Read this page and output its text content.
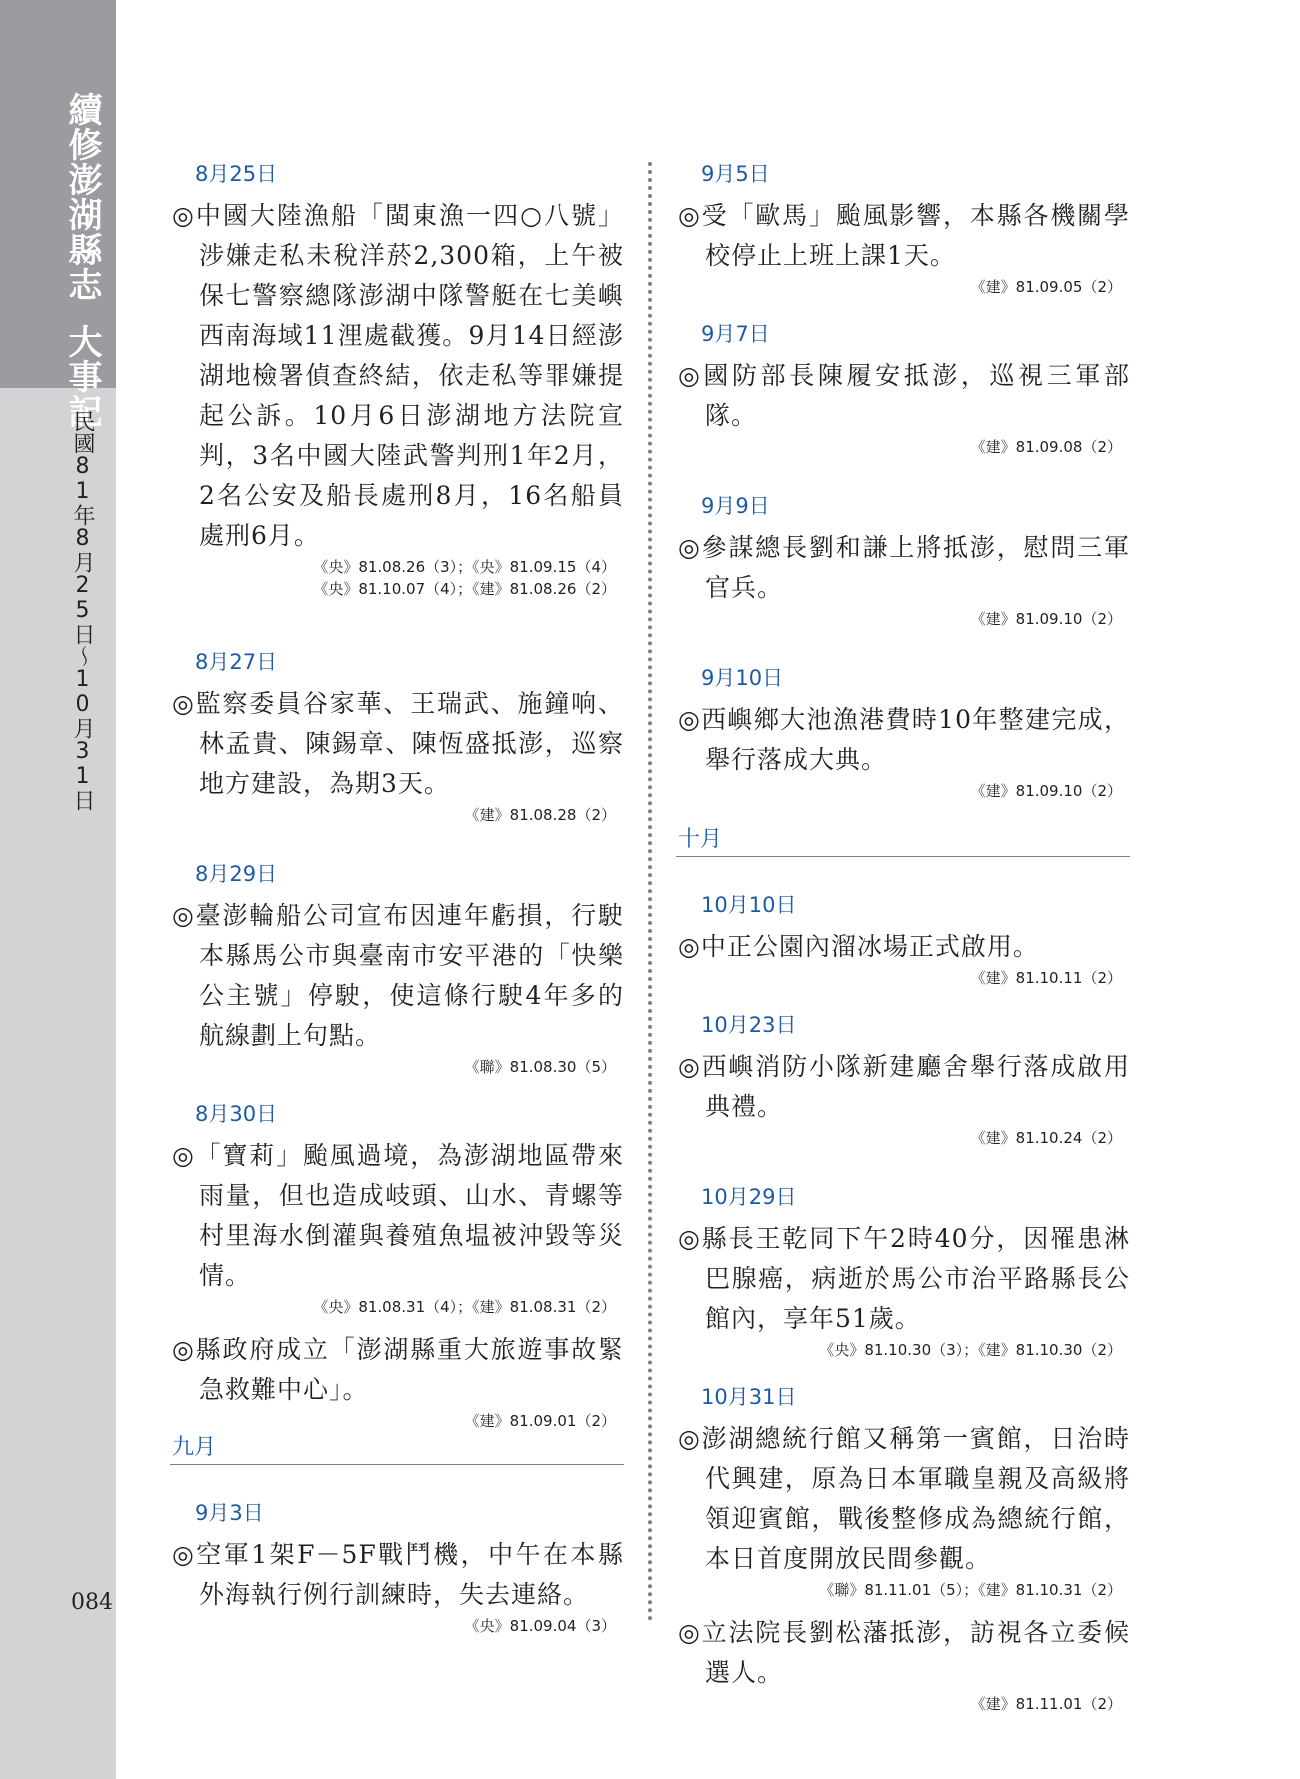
續修澎湖縣志大事記
民國81年8月25日〜10月31日
084
8月25日
◎中國大陸漁船「閩東漁一四○八號」涉嫌走私未稅洋菸2,300箱，上午被保七警察總隊澎湖中隊警艇在七美嶼西南海域11浬處截獲。9月14日經澎湖地檢署偵查終結，依走私等罪嫌提起公訴。10月6日澎湖地方法院宣判，3名中國大陸武警判刑1年2月，2名公安及船長處刑8月，16名船員處刑6月。
《央》81.08.26（3）；《央》81.09.15（4）
《央》81.10.07（4）；《建》81.08.26（2）
8月27日
◎監察委員谷家華、王瑞武、施鐘响、林孟貴、陳錫章、陳恆盛抵澎，巡察地方建設，為期3天。
《建》81.08.28（2）
8月29日
◎臺澎輪船公司宣布因連年虧損，行駛本縣馬公市與臺南市安平港的「快樂公主號」停駛，使這條行駛4年多的航線劃上句點。
《聯》81.08.30（5）
8月30日
◎「寶莉」颱風過境，為澎湖地區帶來雨量，但也造成岐頭、山水、青螺等村里海水倒灌與養殖魚塭被沖毀等災情。
《央》81.08.31（4）；《建》81.08.31（2）
◎縣政府成立「澎湖縣重大旅遊事故緊急救難中心」。
《建》81.09.01（2）
九月
9月3日
◎空軍1架F－5F戰鬥機，中午在本縣外海執行例行訓練時，失去連絡。
《央》81.09.04（3）
9月5日
◎受「歐馬」颱風影響，本縣各機關學校停止上班上課1天。
《建》81.09.05（2）
9月7日
◎國防部長陳履安抵澎，巡視三軍部隊。
《建》81.09.08（2）
9月9日
◎參謀總長劉和謙上將抵澎，慰問三軍官兵。
《建》81.09.10（2）
9月10日
◎西嶼鄉大池漁港費時10年整建完成，舉行落成大典。
《建》81.09.10（2）
十月
10月10日
◎中正公園內溜冰場正式啟用。
《建》81.10.11（2）
10月23日
◎西嶼消防小隊新建廳舍舉行落成啟用典禮。
《建》81.10.24（2）
10月29日
◎縣長王乾同下午2時40分，因罹患淋巴腺癌，病逝於馬公市治平路縣長公館內，享年51歲。
《央》81.10.30（3）；《建》81.10.30（2）
10月31日
◎澎湖總統行館又稱第一賓館，日治時代興建，原為日本軍職皇親及高級將領迎賓館，戰後整修成為總統行館，本日首度開放民間參觀。
《聯》81.11.01（5）；《建》81.10.31（2）
◎立法院長劉松藩抵澎，訪視各立委候選人。
《建》81.11.01（2）
